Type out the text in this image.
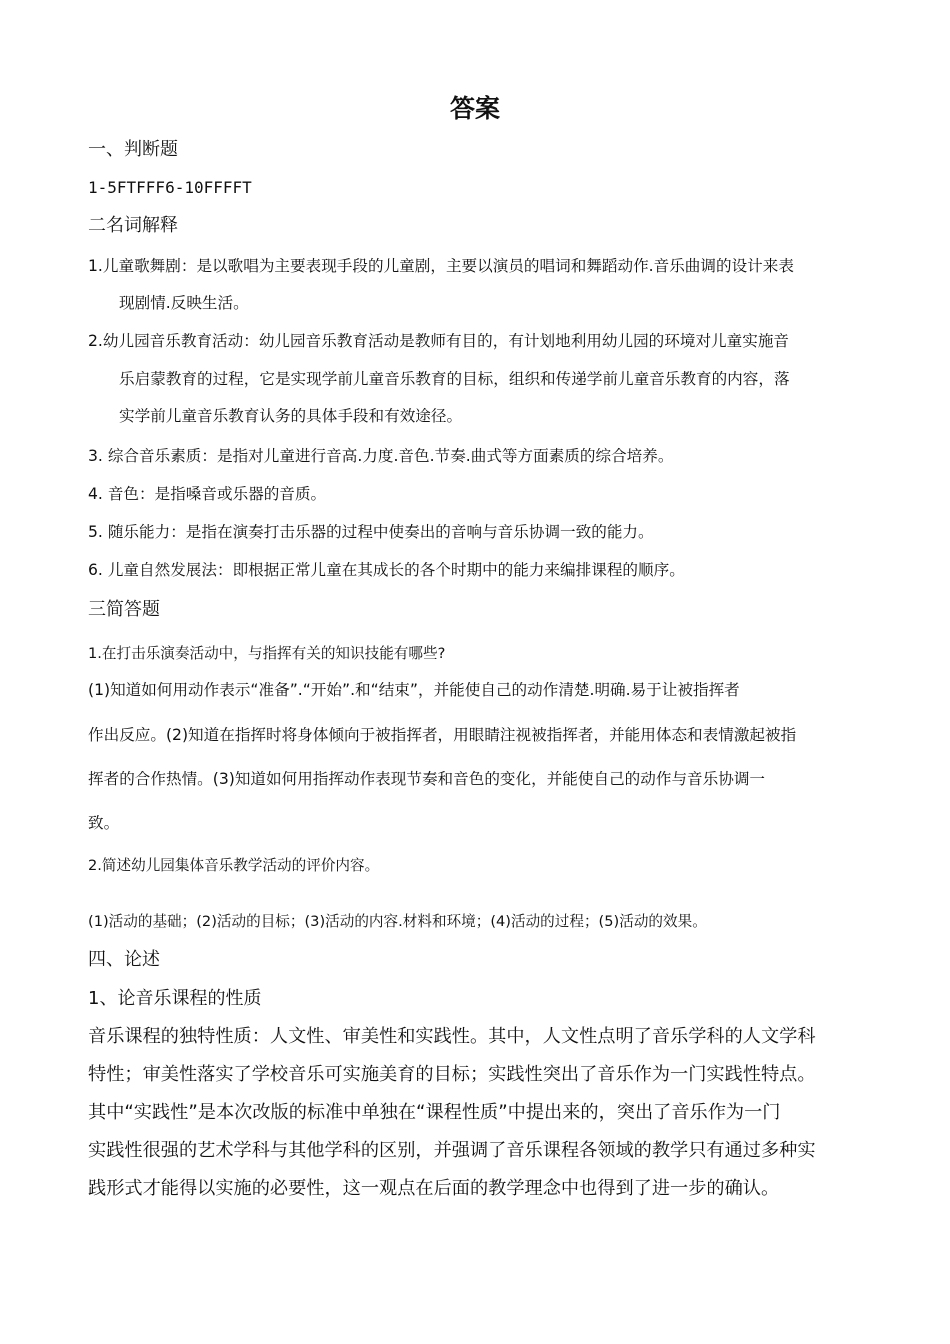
答案
一、判断题
1-5FTFFF6-10FFFFT
二名词解释
1.儿童歌舞剧：是以歌唱为主要表现手段的儿童剧，主要以演员的唱词和舞蹈动作.音乐曲调的设计来表
现剧情.反映生活。
2.幼儿园音乐教育活动：幼儿园音乐教育活动是教师有目的，有计划地利用幼儿园的环境对儿童实施音
乐启蒙教育的过程，它是实现学前儿童音乐教育的目标，组织和传递学前儿童音乐教育的内容，落
实学前儿童音乐教育认务的具体手段和有效途径。
3. 综合音乐素质：是指对儿童进行音高.力度.音色.节奏.曲式等方面素质的综合培养。
4. 音色：是指嗓音或乐器的音质。
5. 随乐能力：是指在演奏打击乐器的过程中使奏出的音响与音乐协调一致的能力。
6. 儿童自然发展法：即根据正常儿童在其成长的各个时期中的能力来编排课程的顺序。
三简答题
1.在打击乐演奏活动中，与指挥有关的知识技能有哪些?
(1)知道如何用动作表示“准备”.“开始”.和“结束”，并能使自己的动作清楚.明确.易于让被指挥者
作出反应。(2)知道在指挥时将身体倾向于被指挥者，用眼睛注视被指挥者，并能用体态和表情激起被指
挥者的合作热情。(3)知道如何用指挥动作表现节奏和音色的变化，并能使自己的动作与音乐协调一
致。
2.简述幼儿园集体音乐教学活动的评价内容。
(1)活动的基础；(2)活动的目标；(3)活动的内容.材料和环境；(4)活动的过程；(5)活动的效果。
四、论述
1、论音乐课程的性质
音乐课程的独特性质：人文性、审美性和实践性。其中，人文性点明了音乐学科的人文学科
特性；审美性落实了学校音乐可实施美育的目标；实践性突出了音乐作为一门实践性特点。
其中“实践性”是本次改版的标准中单独在“课程性质”中提出来的，突出了音乐作为一门
实践性很强的艺术学科与其他学科的区别，并强调了音乐课程各领域的教学只有通过多种实
践形式才能得以实施的必要性，这一观点在后面的教学理念中也得到了进一步的确认。
